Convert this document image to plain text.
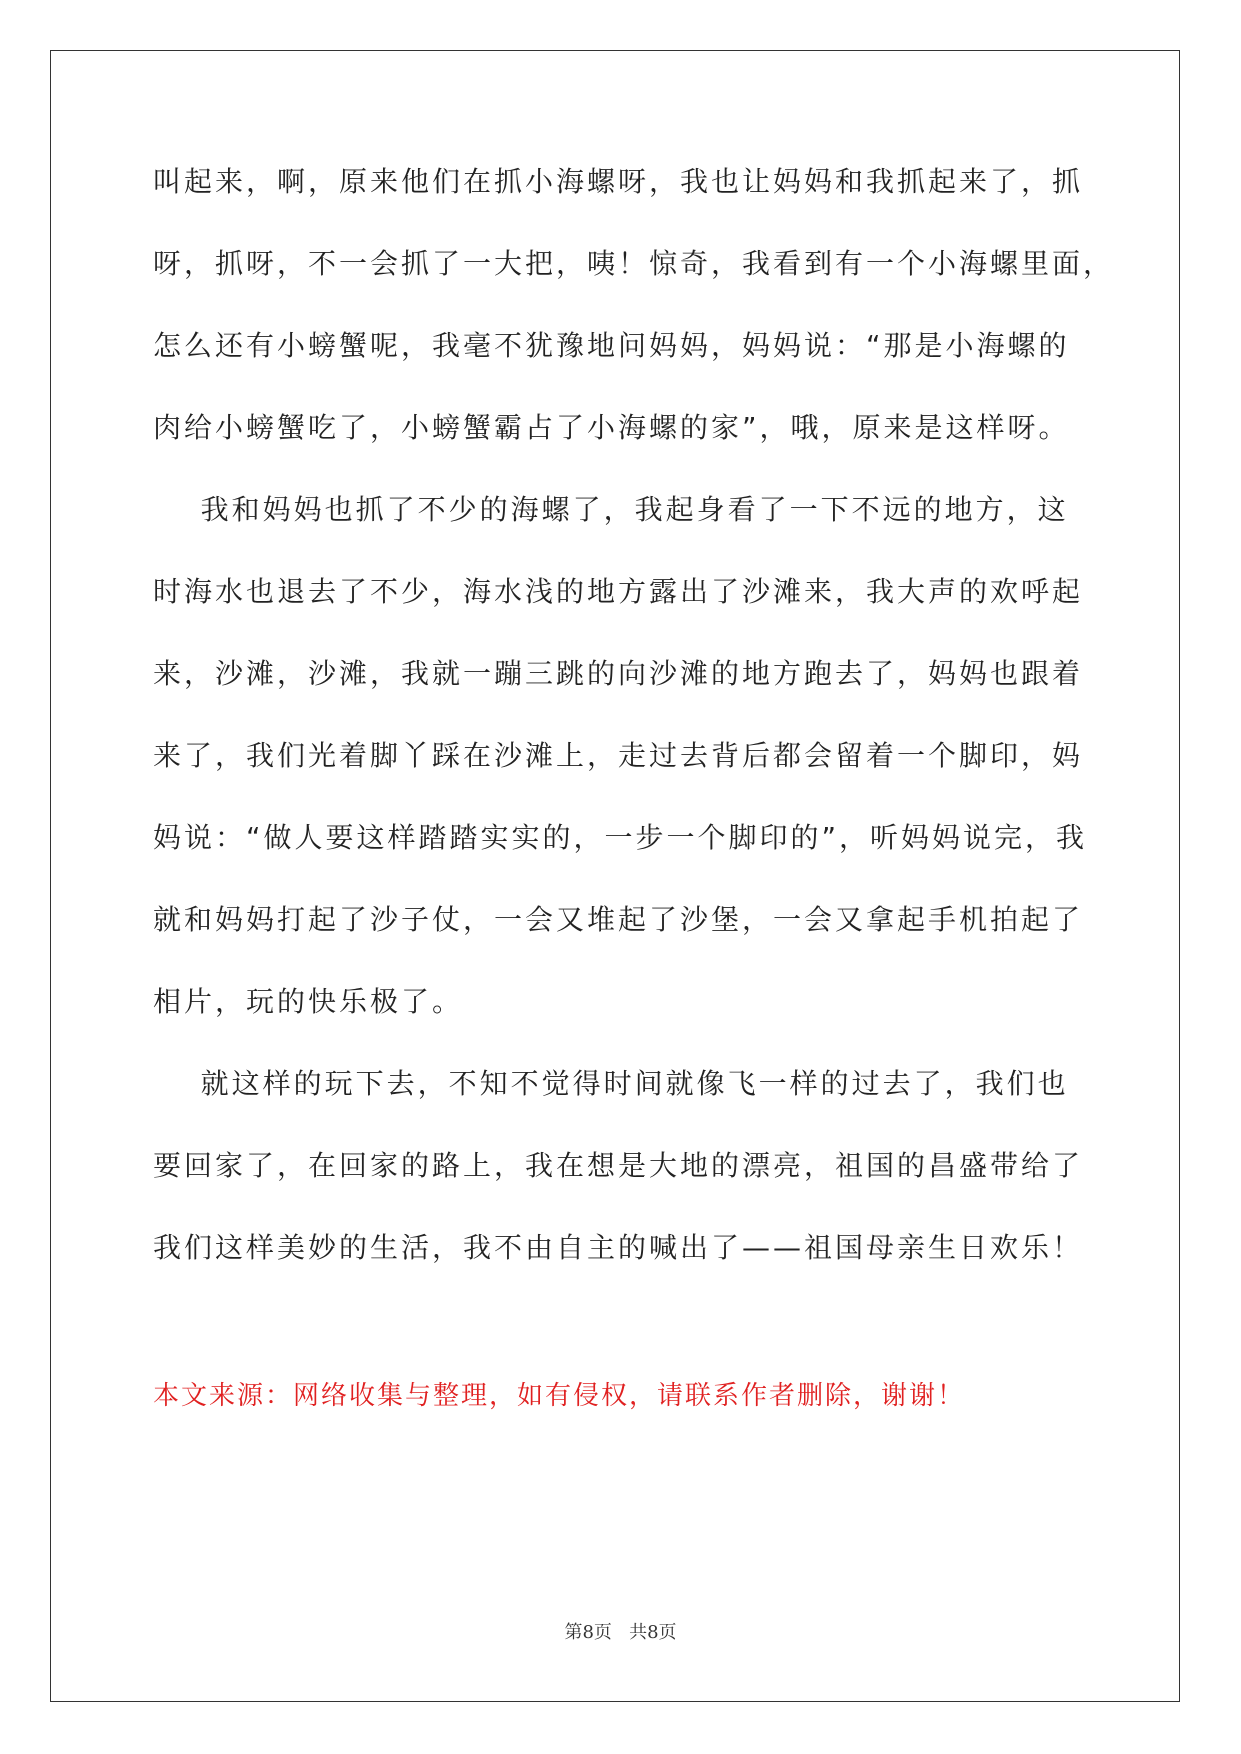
叫起来，啊，原来他们在抓小海螺呀，我也让妈妈和我抓起来了，抓
呀，抓呀，不一会抓了一大把，咦！惊奇，我看到有一个小海螺里面，
怎么还有小螃蟹呢，我毫不犹豫地问妈妈，妈妈说：“那是小海螺的
肉给小螃蟹吃了，小螃蟹霸占了小海螺的家”，哦，原来是这样呀。
我和妈妈也抓了不少的海螺了，我起身看了一下不远的地方，这
时海水也退去了不少，海水浅的地方露出了沙滩来，我大声的欢呼起
来，沙滩，沙滩，我就一蹦三跳的向沙滩的地方跑去了，妈妈也跟着
来了，我们光着脚丫踩在沙滩上，走过去背后都会留着一个脚印，妈
妈说：“做人要这样踏踏实实的，一步一个脚印的”，听妈妈说完，我
就和妈妈打起了沙子仗，一会又堆起了沙堡，一会又拿起手机拍起了
相片，玩的快乐极了。
就这样的玩下去，不知不觉得时间就像飞一样的过去了，我们也
要回家了，在回家的路上，我在想是大地的漂亮，祖国的昌盛带给了
我们这样美妙的生活，我不由自主的喊出了——祖国母亲生日欢乐！
本文来源：网络收集与整理，如有侵权，请联系作者删除，谢谢！
第8页   共8页
